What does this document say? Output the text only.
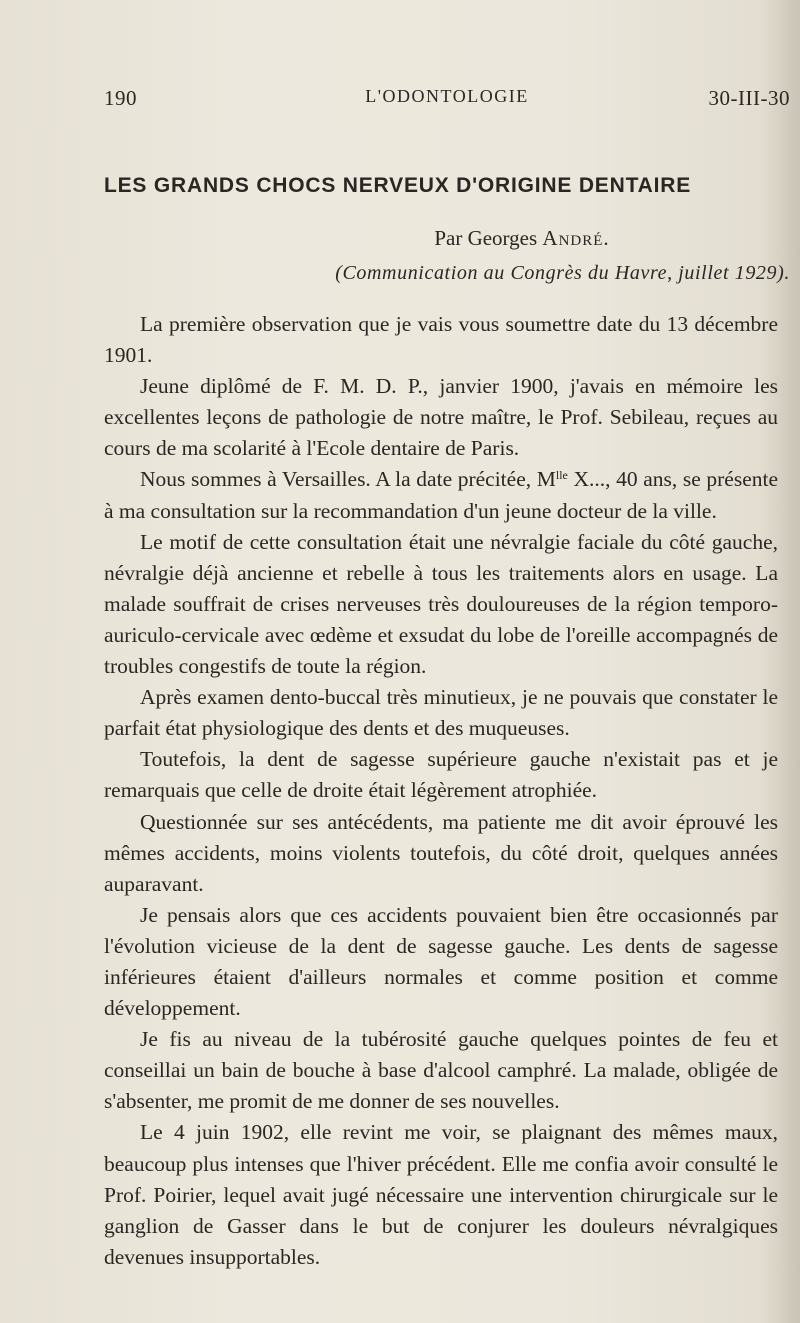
190	L'ODONTOLOGIE	30-III-30
LES GRANDS CHOCS NERVEUX D'ORIGINE DENTAIRE
Par Georges André.
(Communication au Congrès du Havre, juillet 1929).

La première observation que je vais vous soumettre date du 13 décembre 1901.

Jeune diplômé de F. M. D. P., janvier 1900, j'avais en mémoire les excellentes leçons de pathologie de notre maître, le Prof. Sebileau, reçues au cours de ma scolarité à l'Ecole dentaire de Paris.

Nous sommes à Versailles. A la date précitée, $M^{lle}$ X..., 40 ans, se présente à ma consultation sur la recommandation d'un jeune docteur de la ville.

Le motif de cette consultation était une névralgie faciale du côté gauche, névralgie déjà ancienne et rebelle à tous les traitements alors en usage. La malade souffrait de crises nerveuses très douloureuses de la région temporo-auriculo-cervicale avec œdème et exsudat du lobe de l'oreille accompagnés de troubles congestifs de toute la région.

Après examen dento-buccal très minutieux, je ne pouvais que constater le parfait état physiologique des dents et des muqueuses.

Toutefois, la dent de sagesse supérieure gauche n'existait pas et je remarquais que celle de droite était légèrement atrophiée.

Questionnée sur ses antécédents, ma patiente me dit avoir éprouvé les mêmes accidents, moins violents toutefois, du côté droit, quelques années auparavant.

Je pensais alors que ces accidents pouvaient bien être occasionnés par l'évolution vicieuse de la dent de sagesse gauche. Les dents de sagesse inférieures étaient d'ailleurs normales et comme position et comme développement.

Je fis au niveau de la tubérosité gauche quelques pointes de feu et conseillai un bain de bouche à base d'alcool camphré. La malade, obligée de s'absenter, me promit de me donner de ses nouvelles.

Le 4 juin 1902, elle revint me voir, se plaignant des mêmes maux, beaucoup plus intenses que l'hiver précédent. Elle me confia avoir consulté le Prof. Poirier, lequel avait jugé nécessaire une intervention chirurgicale sur le ganglion de Gasser dans le but de conjurer les douleurs névralgiques devenues insupportables.
